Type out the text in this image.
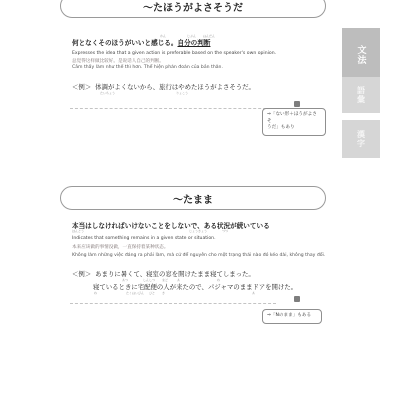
文法
語彙
漢字
〜たほうがよさそうだ
かん	じぶん はんだん
何となくそのほうがいいと感じる。自分の判断
Expresses the idea that a given action is preferable based on the speaker's own opinion.
总觉得这样做比较好。是说话人自己的判断。
Cảm thấy làm như thế thì hơn. Thể hiện phán đoán của bản thân.
＜例＞ 体調がよくないから、旅行はやめたほうがよさそうだ。
たいちょう	りょこう
⇒「ない形＋ほうがよさそ
うだ」もあり
〜たまま
本当はしなければいけないことをしないで、ある状況が続いている
ほんとう	じょうきょう	つづ
Indicates that something remains in a given state or situation.
本来应该做的事情没做，一直保持着某种状态。
Không làm những việc đáng ra phải làm, mà cứ để nguyên cho một trạng thái nào đó kéo dài, không thay đổi.
＜例＞ あまりに暑くて、寝室の窓を開けたまま寝てしまった。
あつ	しんしつ まど	あ	ね
寝ているときに宅配便の人が来たので、パジャマのままドアを開けた。
ね	たくはいびん ひと き	あ
⇒「Nのまま」もある
